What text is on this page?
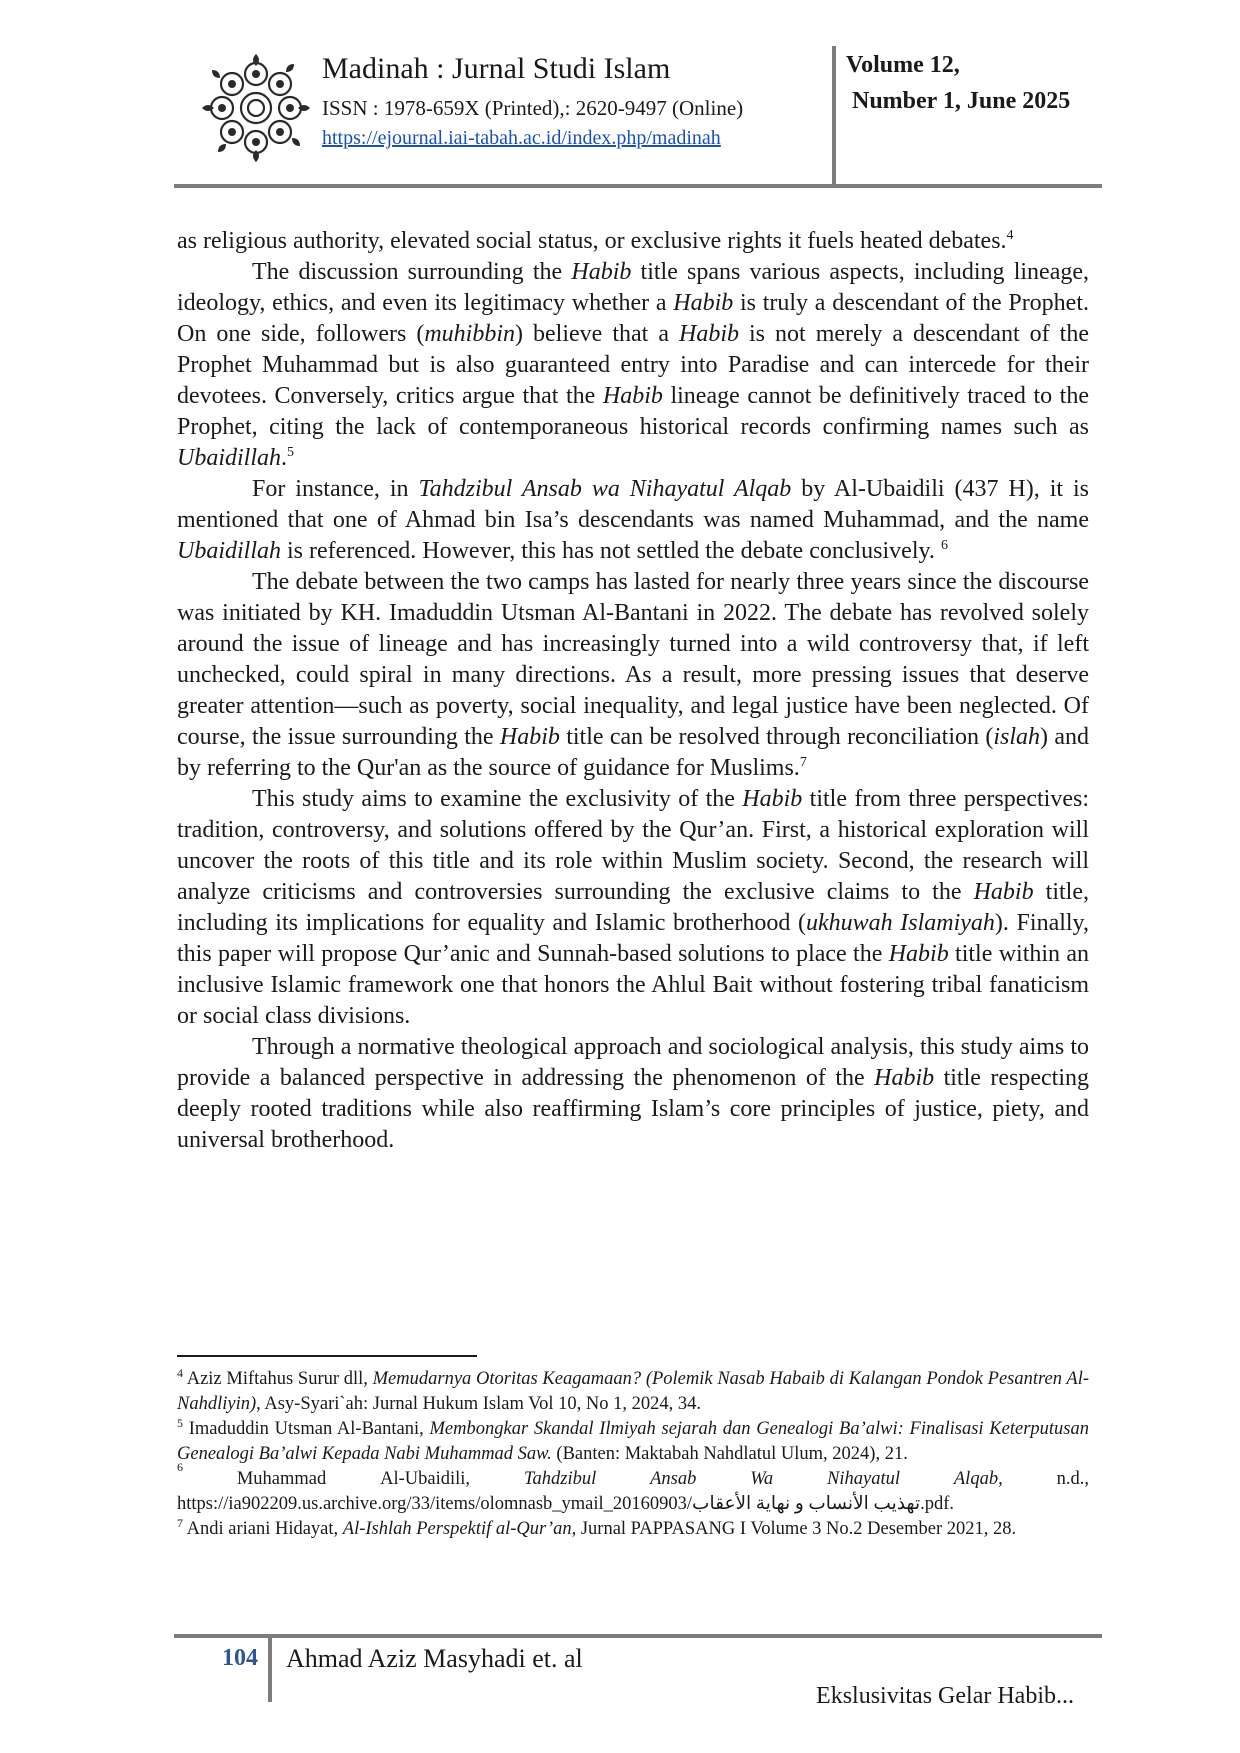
Madinah : Jurnal Studi Islam
ISSN : 1978-659X (Printed),: 2620-9497 (Online)
https://ejournal.iai-tabah.ac.id/index.php/madinah
Volume 12,
Number 1, June 2025

as religious authority, elevated social status, or exclusive rights it fuels heated debates.$^4$

The discussion surrounding the Habib title spans various aspects, including lineage, ideology, ethics, and even its legitimacy whether a Habib is truly a descendant of the Prophet. On one side, followers (muhibbin) believe that a Habib is not merely a descendant of the Prophet Muhammad but is also guaranteed entry into Paradise and can intercede for their devotees. Conversely, critics argue that the Habib lineage cannot be definitively traced to the Prophet, citing the lack of contemporaneous historical records confirming names such as Ubaidillah.$^5$

For instance, in Tahdzibul Ansab wa Nihayatul Alqab by Al-Ubaidili (437 H), it is mentioned that one of Ahmad bin Isa’s descendants was named Muhammad, and the name Ubaidillah is referenced. However, this has not settled the debate conclusively. $^6$

The debate between the two camps has lasted for nearly three years since the discourse was initiated by KH. Imaduddin Utsman Al-Bantani in 2022. The debate has revolved solely around the issue of lineage and has increasingly turned into a wild controversy that, if left unchecked, could spiral in many directions. As a result, more pressing issues that deserve greater attention—such as poverty, social inequality, and legal justice have been neglected. Of course, the issue surrounding the Habib title can be resolved through reconciliation (islah) and by referring to the Qur'an as the source of guidance for Muslims.$^7$

This study aims to examine the exclusivity of the Habib title from three perspectives: tradition, controversy, and solutions offered by the Qur’an. First, a historical exploration will uncover the roots of this title and its role within Muslim society. Second, the research will analyze criticisms and controversies surrounding the exclusive claims to the Habib title, including its implications for equality and Islamic brotherhood (ukhuwah Islamiyah). Finally, this paper will propose Qur’anic and Sunnah-based solutions to place the Habib title within an inclusive Islamic framework one that honors the Ahlul Bait without fostering tribal fanaticism or social class divisions.

Through a normative theological approach and sociological analysis, this study aims to provide a balanced perspective in addressing the phenomenon of the Habib title respecting deeply rooted traditions while also reaffirming Islam’s core principles of justice, piety, and universal brotherhood.

$^4$ Aziz Miftahus Surur dll, Memudarnya Otoritas Keagamaan? (Polemik Nasab Habaib di Kalangan Pondok Pesantren Al-Nahdliyin), Asy-Syari`ah: Jurnal Hukum Islam Vol 10, No 1, 2024, 34.

$^5$ Imaduddin Utsman Al-Bantani, Membongkar Skandal Ilmiyah sejarah dan Genealogi Ba’alwi: Finalisasi Keterputusan Genealogi Ba’alwi Kepada Nabi Muhammad Saw. (Banten: Maktabah Nahdlatul Ulum, 2024), 21.

6
Muhammad	Al-Ubaidili,	Tahdzibul	Ansab	Wa	Nihayatul	Alqab,	n.d.,

https://ia902209.us.archive.org/33/items/olomnasb_ymail_20160903/تهذيب الأنساب و نهاية الأعقاب.pdf.

$^7$ Andi ariani Hidayat, Al-Ishlah Perspektif al-Qur’an, Jurnal PAPPASANG I Volume 3 No.2 Desember 2021, 28.

104 Ahmad Aziz Masyhadi et. al
Ekslusivitas Gelar Habib...
